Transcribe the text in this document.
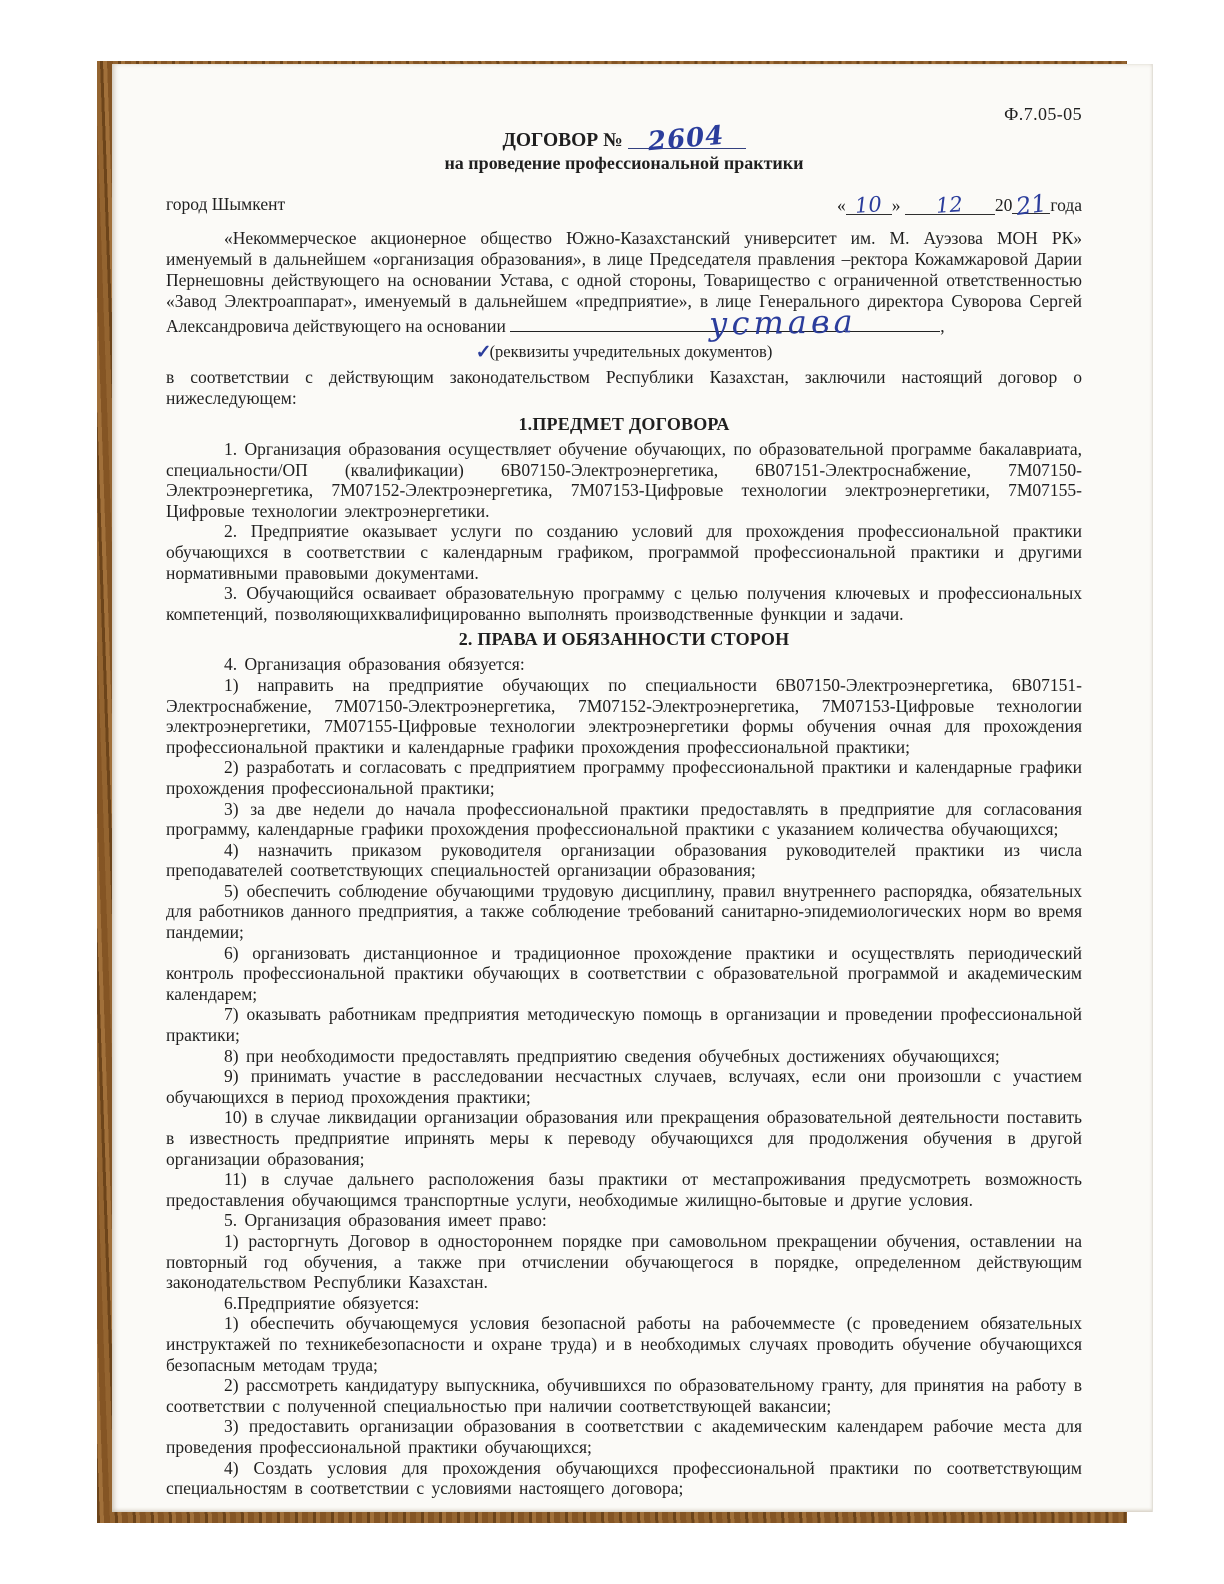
Ф.7.05-05
ДОГОВОР № 2604
на проведение профессиональной практики
город Шымкент	« 10 » 12 2021 года

«Некоммерческое акционерное общество Южно-Казахстанский университет им. М. Ауэзова МОН РК» именуемый в дальнейшем «организация образования», в лице Председателя правления –ректора Кожамжаровой Дарии Пернешовны действующего на основании Устава, с одной стороны, Товарищество с ограниченной ответственностью «Завод Электроаппарат», именуемый в дальнейшем «предприятие», в лице Генерального директора Суворова Сергей Александровича действующего на основании	устава	,

✓(реквизиты учредительных документов)

в соответствии с действующим законодательством Республики Казахстан, заключили настоящий договор о нижеследующем:

1.ПРЕДМЕТ ДОГОВОРА

1. Организация образования осуществляет обучение обучающих, по образовательной программе бакалавриата, специальности/ОП (квалификации) 6В07150-Электроэнергетика, 6В07151-Электроснабжение, 7М07150-Электроэнергетика, 7М07152-Электроэнергетика, 7М07153-Цифровые технологии электроэнергетики, 7М07155-Цифровые технологии электроэнергетики.

2. Предприятие оказывает услуги по созданию условий для прохождения профессиональной практики обучающихся в соответствии с календарным графиком, программой профессиональной практики и другими нормативными правовыми документами.

3. Обучающийся осваивает образовательную программу с целью получения ключевых и профессиональных компетенций, позволяющихквалифицированно выполнять производственные функции и задачи.

2. ПРАВА И ОБЯЗАННОСТИ СТОРОН

4. Организация образования обязуется:

1) направить на предприятие обучающих по специальности 6В07150-Электроэнергетика, 6В07151-Электроснабжение, 7М07150-Электроэнергетика, 7М07152-Электроэнергетика, 7М07153-Цифровые технологии электроэнергетики, 7М07155-Цифровые технологии электроэнергетики формы обучения очная для прохождения профессиональной практики и календарные графики прохождения профессиональной практики;

2) разработать и согласовать с предприятием программу профессиональной практики и календарные графики прохождения профессиональной практики;

3) за две недели до начала профессиональной практики предоставлять в предприятие для согласования программу, календарные графики прохождения профессиональной практики с указанием количества обучающихся;

4) назначить приказом руководителя организации образования руководителей практики из числа преподавателей соответствующих специальностей организации образования;

5) обеспечить соблюдение обучающими трудовую дисциплину, правил внутреннего распорядка, обязательных для работников данного предприятия, а также соблюдение требований санитарно-эпидемиологических норм во время пандемии;

6) организовать дистанционное и традиционное прохождение практики и осуществлять периодический контроль профессиональной практики обучающих в соответствии с образовательной программой и академическим календарем;

7) оказывать работникам предприятия методическую помощь в организации и проведении профессиональной практики;

8) при необходимости предоставлять предприятию сведения обучебных достижениях обучающихся;

9) принимать участие в расследовании несчастных случаев, вслучаях, если они произошли с участием обучающихся в период прохождения практики;

10) в случае ликвидации организации образования или прекращения образовательной деятельности поставить в известность предприятие ипринять меры к переводу обучающихся для продолжения обучения в другой организации образования;

11) в случае дальнего расположения базы практики от местапроживания предусмотреть возможность предоставления обучающимся транспортные услуги, необходимые жилищно-бытовые и другие условия.

5. Организация образования имеет право:

1) расторгнуть Договор в одностороннем порядке при самовольном прекращении обучения, оставлении на повторный год обучения, а также при отчислении обучающегося в порядке, определенном действующим законодательством Республики Казахстан.

6.Предприятие обязуется:

1) обеспечить обучающемуся условия безопасной работы на рабочемместе (с проведением обязательных инструктажей по техникебезопасности и охране труда) и в необходимых случаях проводить обучение обучающихся безопасным методам труда;

2) рассмотреть кандидатуру выпускника, обучившихся по образовательному гранту, для принятия на работу в соответствии с полученной специальностью при наличии соответствующей вакансии;

3) предоставить организации образования в соответствии с академическим календарем рабочие места для проведения профессиональной практики обучающихся;

4) Создать условия для прохождения обучающихся профессиональной практики по соответствующим специальностям в соответствии с условиями настоящего договора;
